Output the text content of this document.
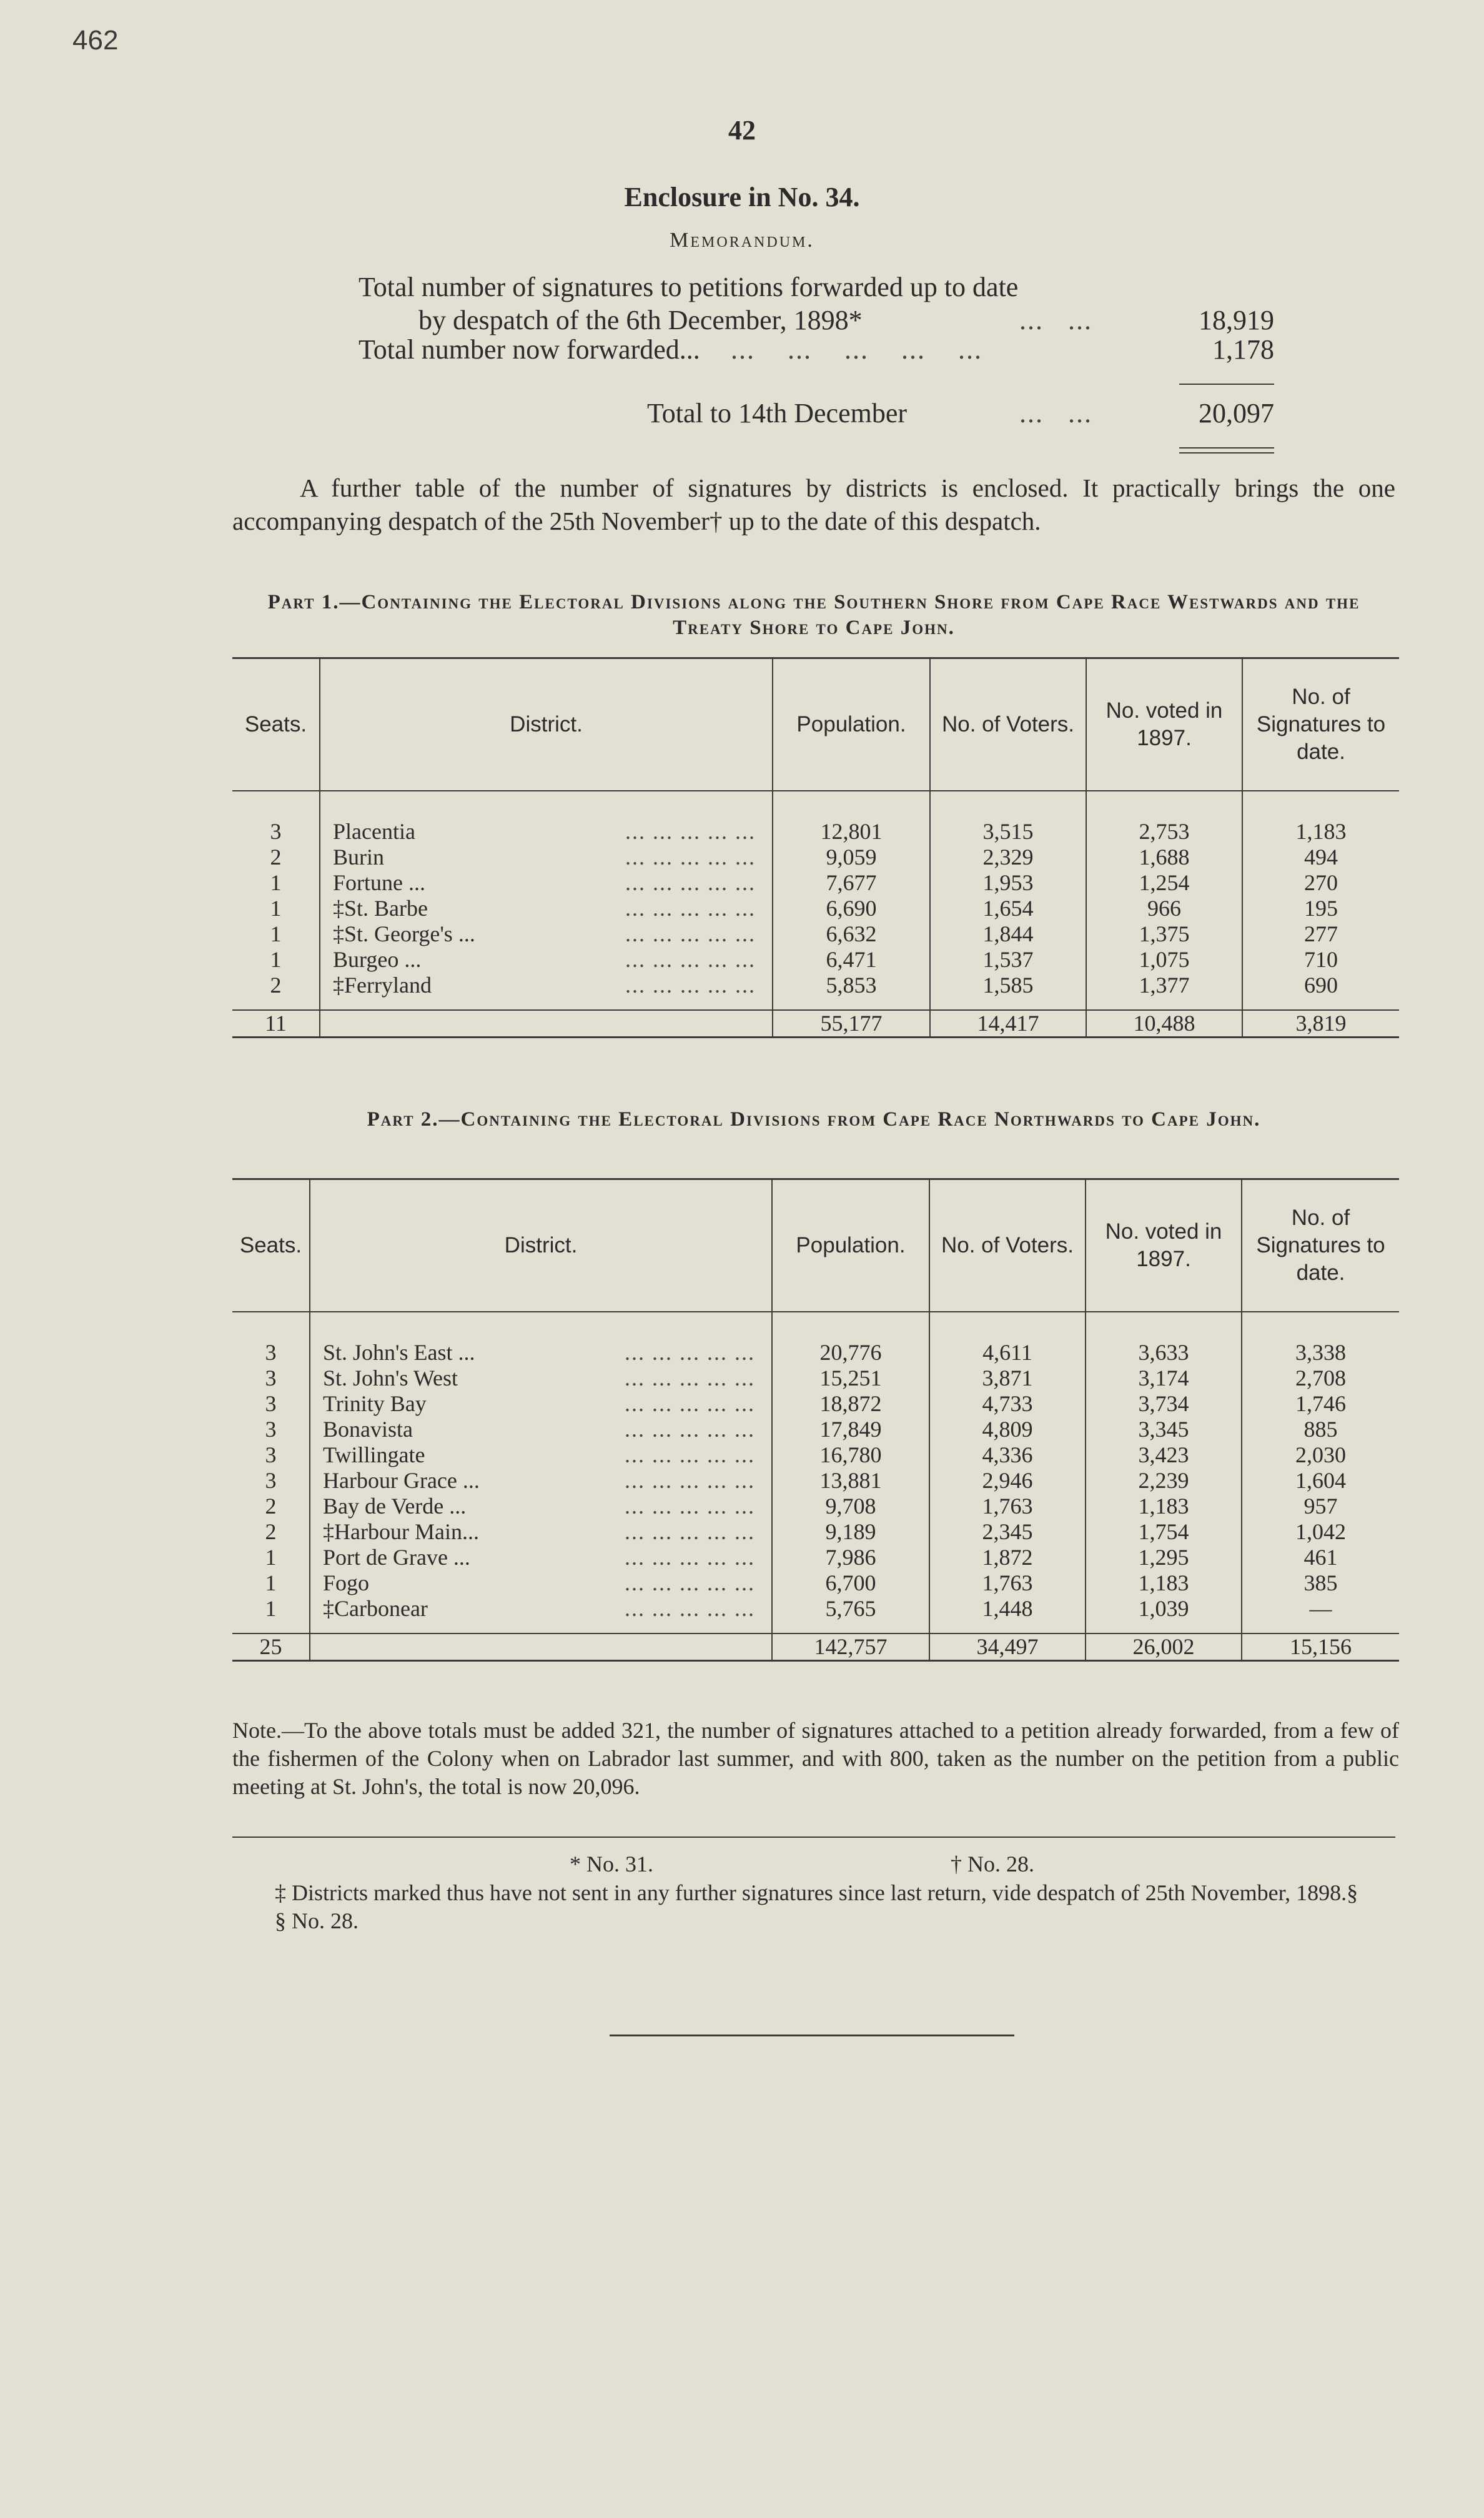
462
42
Enclosure in No. 34.
Memorandum.
Total number of signatures to petitions forwarded up to date
by despatch of the 6th December, 1898*	...   ...	18,919
Total number now forwarded... ...    ...    ...    ...    ...	1,178
Total to 14th December	...   ...	20,097
A further table of the number of signatures by districts is enclosed. It practically brings the one accompanying despatch of the 25th November† up to the date of this despatch.
Part 1.—Containing the Electoral Divisions along the Southern Shore from Cape Race Westwards and the Treaty Shore to Cape John.
Seats.	District.	Population.	No. of Voters.	No. voted in 1897.	No. of Signatures to date.
3	Placentia ... ... ... ... ...	12,801	3,515	2,753	1,183
2	Burin ... ... ... ... ...	9,059	2,329	1,688	494
1	Fortune ... ... ... ... ... ...	7,677	1,953	1,254	270
1	‡St. Barbe ... ... ... ... ...	6,690	1,654	966	195
1	‡St. George's ... ... ... ... ... ...	6,632	1,844	1,375	277
1	Burgeo ... ... ... ... ... ...	6,471	1,537	1,075	710
2	‡Ferryland ... ... ... ... ...	5,853	1,585	1,377	690
11		55,177	14,417	10,488	3,819
Part 2.—Containing the Electoral Divisions from Cape Race Northwards to Cape John.
Seats.	District.	Population.	No. of Voters.	No. voted in 1897.	No. of Signatures to date.
3	St. John's East ... ... ... ... ... ...	20,776	4,611	3,633	3,338
3	St. John's West ... ... ... ... ...	15,251	3,871	3,174	2,708
3	Trinity Bay ... ... ... ... ...	18,872	4,733	3,734	1,746
3	Bonavista ... ... ... ... ...	17,849	4,809	3,345	885
3	Twillingate ... ... ... ... ...	16,780	4,336	3,423	2,030
3	Harbour Grace ... ... ... ... ... ...	13,881	2,946	2,239	1,604
2	Bay de Verde ... ... ... ... ... ...	9,708	1,763	1,183	957
2	‡Harbour Main... ... ... ... ... ...	9,189	2,345	1,754	1,042
1	Port de Grave ... ... ... ... ... ...	7,986	1,872	1,295	461
1	Fogo ... ... ... ... ...	6,700	1,763	1,183	385
1	‡Carbonear ... ... ... ... ...	5,765	1,448	1,039	—
25		142,757	34,497	26,002	15,156
Note.—To the above totals must be added 321, the number of signatures attached to a petition already forwarded, from a few of the fishermen of the Colony when on Labrador last summer, and with 800, taken as the number on the petition from a public meeting at St. John's, the total is now 20,096.
* No. 31.	† No. 28.
‡ Districts marked thus have not sent in any further signatures since last return, vide despatch of 25th November, 1898.§
§ No. 28.
